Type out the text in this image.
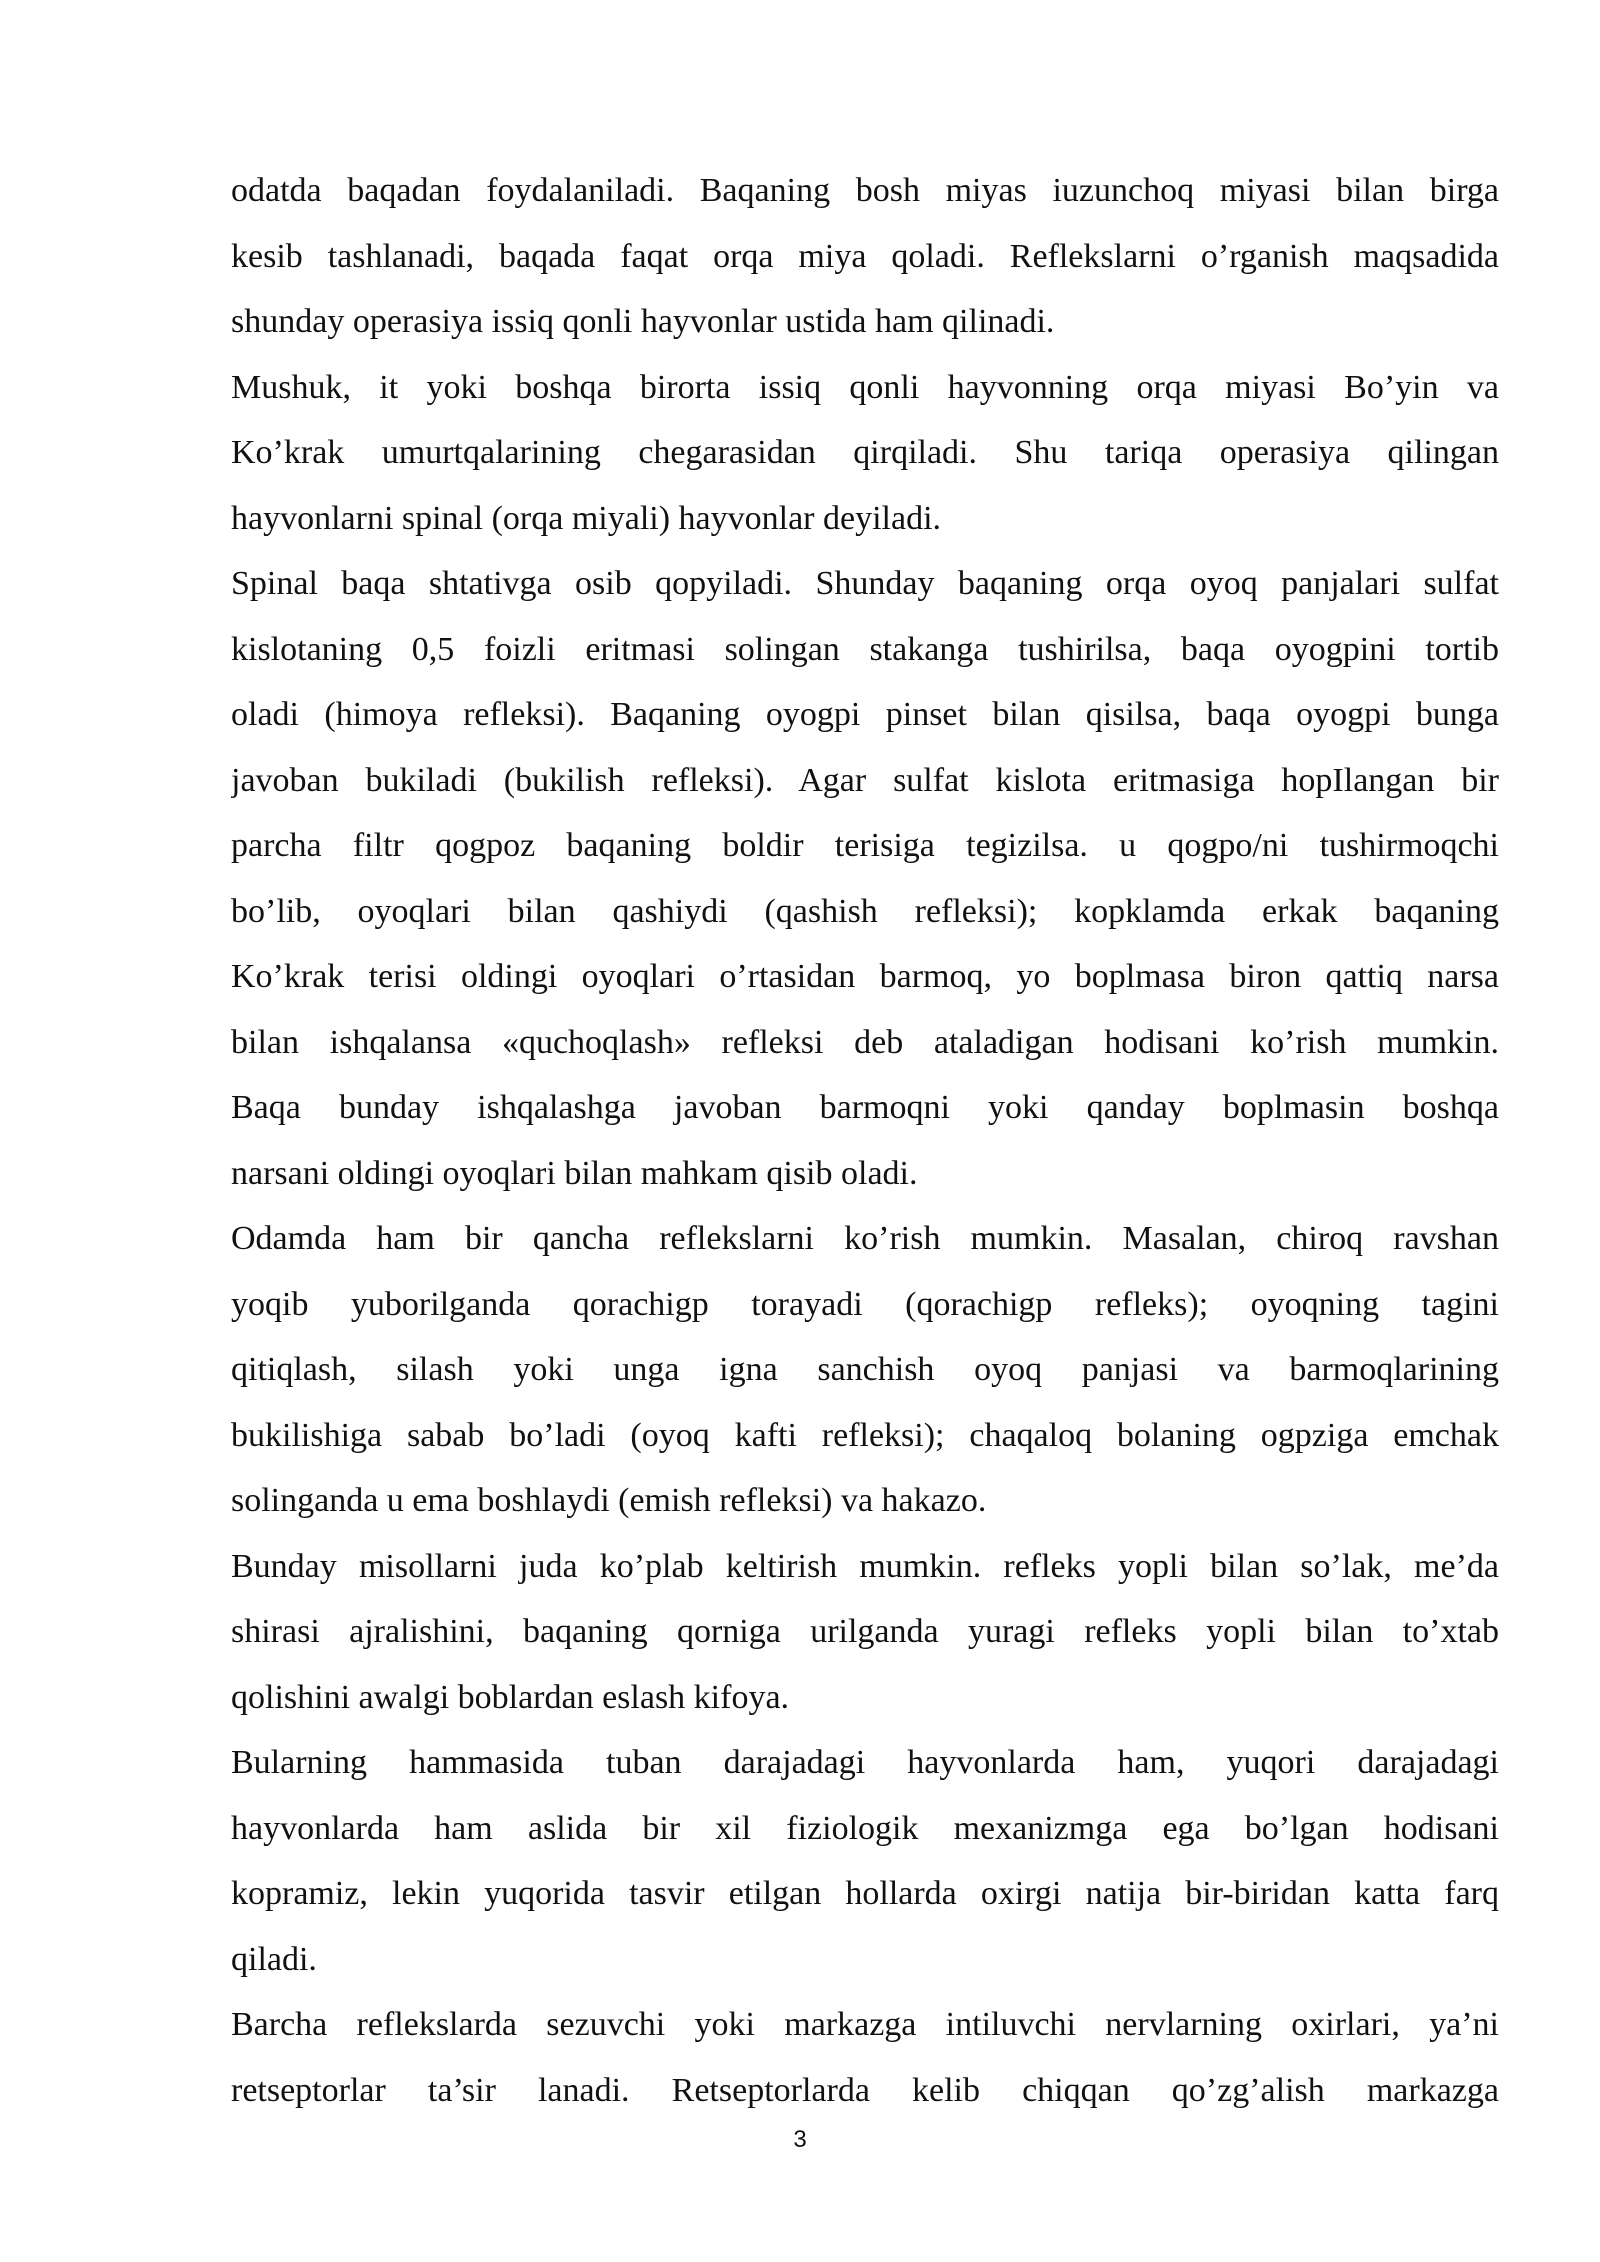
odatda baqadan foydalaniladi. Baqaning bosh miyas iuzunchoq miyasi bilan birga
kesib tashlanadi, baqada faqat orqa miya qoladi. Reflekslarni o’rganish maqsadida
shunday operasiya issiq qonli hayvonlar ustida ham qilinadi.
Mushuk, it yoki boshqa birorta issiq qonli hayvonning orqa miyasi Bo’yin va
Ko’krak umurtqalarining chegarasidan qirqiladi. Shu tariqa operasiya qilingan
hayvonlarni spinal (orqa miyali) hayvonlar deyiladi.
Spinal baqa shtativga osib qopyiladi. Shunday baqaning orqa oyoq panjalari sulfat
kislotaning 0,5 foizli eritmasi solingan stakanga tushirilsa, baqa oyogpini tortib
oladi (himoya refleksi). Baqaning oyogpi pinset bilan qisilsa, baqa oyogpi bunga
javoban bukiladi (bukilish refleksi). Agar sulfat kislota eritmasiga hopIlangan bir
parcha filtr qogpoz baqaning boldir terisiga tegizilsa. u qogpo/ni tushirmoqchi
bo’lib, oyoqlari bilan qashiydi (qashish refleksi); kopklamda erkak baqaning
Ko’krak terisi oldingi oyoqlari o’rtasidan barmoq, yo boplmasa biron qattiq narsa
bilan ishqalansa «quchoqlash» refleksi deb ataladigan hodisani ko’rish mumkin.
Baqa bunday ishqalashga javoban barmoqni yoki qanday boplmasin boshqa
narsani oldingi oyoqlari bilan mahkam qisib oladi.
Odamda ham bir qancha reflekslarni ko’rish mumkin. Masalan, chiroq ravshan
yoqib yuborilganda qorachigp torayadi (qorachigp refleks); oyoqning tagini
qitiqlash, silash yoki unga igna sanchish oyoq panjasi va barmoqlarining
bukilishiga sabab bo’ladi (oyoq kafti refleksi); chaqaloq bolaning ogpziga emchak
solinganda u ema boshlaydi (emish refleksi) va hakazo.
Bunday misollarni juda ko’plab keltirish mumkin. refleks yopli bilan so’lak, me’da
shirasi ajralishini, baqaning qorniga urilganda yuragi refleks yopli bilan to’xtab
qolishini awalgi boblardan eslash kifoya.
Bularning hammasida tuban darajadagi hayvonlarda ham, yuqori darajadagi
hayvonlarda ham aslida bir xil fiziologik mexanizmga ega bo’lgan hodisani
kopramiz, lekin yuqorida tasvir etilgan hollarda oxirgi natija bir-biridan katta farq
qiladi.
Barcha reflekslarda sezuvchi yoki markazga intiluvchi nervlarning oxirlari, ya’ni
retseptorlar ta’sir lanadi. Retseptorlarda kelib chiqqan qo’zg’alish markazga
3
